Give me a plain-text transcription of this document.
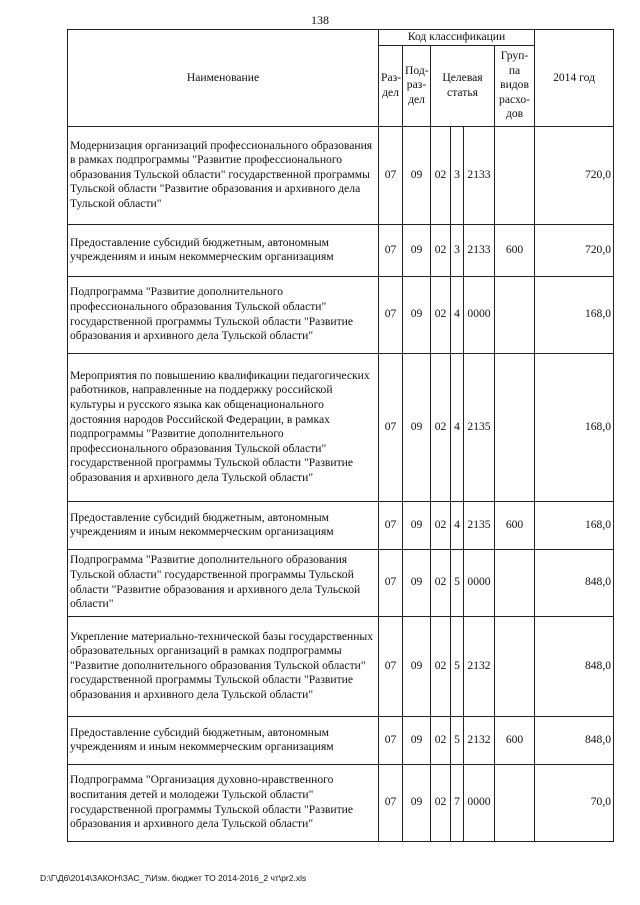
138
Наименование	Код классификации						2014 год
	Раз- дел	Под- раз- дел	Целевая статья			Груп- па видов расхо- дов	
Модернизация организаций профессионального образования в рамках подпрограммы "Развитие профессионального образования Тульской области" государственной программы Тульской области "Развитие образования и архивного дела Тульской области"	07	09	02	3	2133		720,0
Предоставление субсидий бюджетным, автономным учреждениям и иным некоммерческим организациям	07	09	02	3	2133	600	720,0
Подпрограмма "Развитие дополнительного профессионального образования Тульской области" государственной программы Тульской области "Развитие образования и архивного дела Тульской области"	07	09	02	4	0000		168,0
Мероприятия по повышению квалификации педагогических работников, направленные на поддержку российской культуры и русского языка как общенационального достояния народов Российской Федерации, в рамках подпрограммы "Развитие дополнительного профессионального образования Тульской области" государственной программы Тульской области "Развитие образования и архивного дела Тульской области"	07	09	02	4	2135		168,0
Предоставление субсидий бюджетным, автономным учреждениям и иным некоммерческим организациям	07	09	02	4	2135	600	168,0
Подпрограмма "Развитие дополнительного образования Тульской области" государственной программы Тульской области "Развитие образования и архивного дела Тульской области"	07	09	02	5	0000		848,0
Укрепление материально-технической базы государственных образовательных организаций в рамках подпрограммы "Развитие дополнительного образования Тульской области" государственной программы Тульской области "Развитие образования и архивного дела Тульской области"	07	09	02	5	2132		848,0
Предоставление субсидий бюджетным, автономным учреждениям и иным некоммерческим организациям	07	09	02	5	2132	600	848,0
Подпрограмма "Организация духовно-нравственного воспитания детей и молодежи Тульской области" государственной программы Тульской области "Развитие образования и архивного дела Тульской области"	07	09	02	7	0000		70,0
D:\Г\Д6\2014\ЗАКОН\ЗАС_7\Изм. бюджет ТО 2014-2016_2 чт\pr2.xls
